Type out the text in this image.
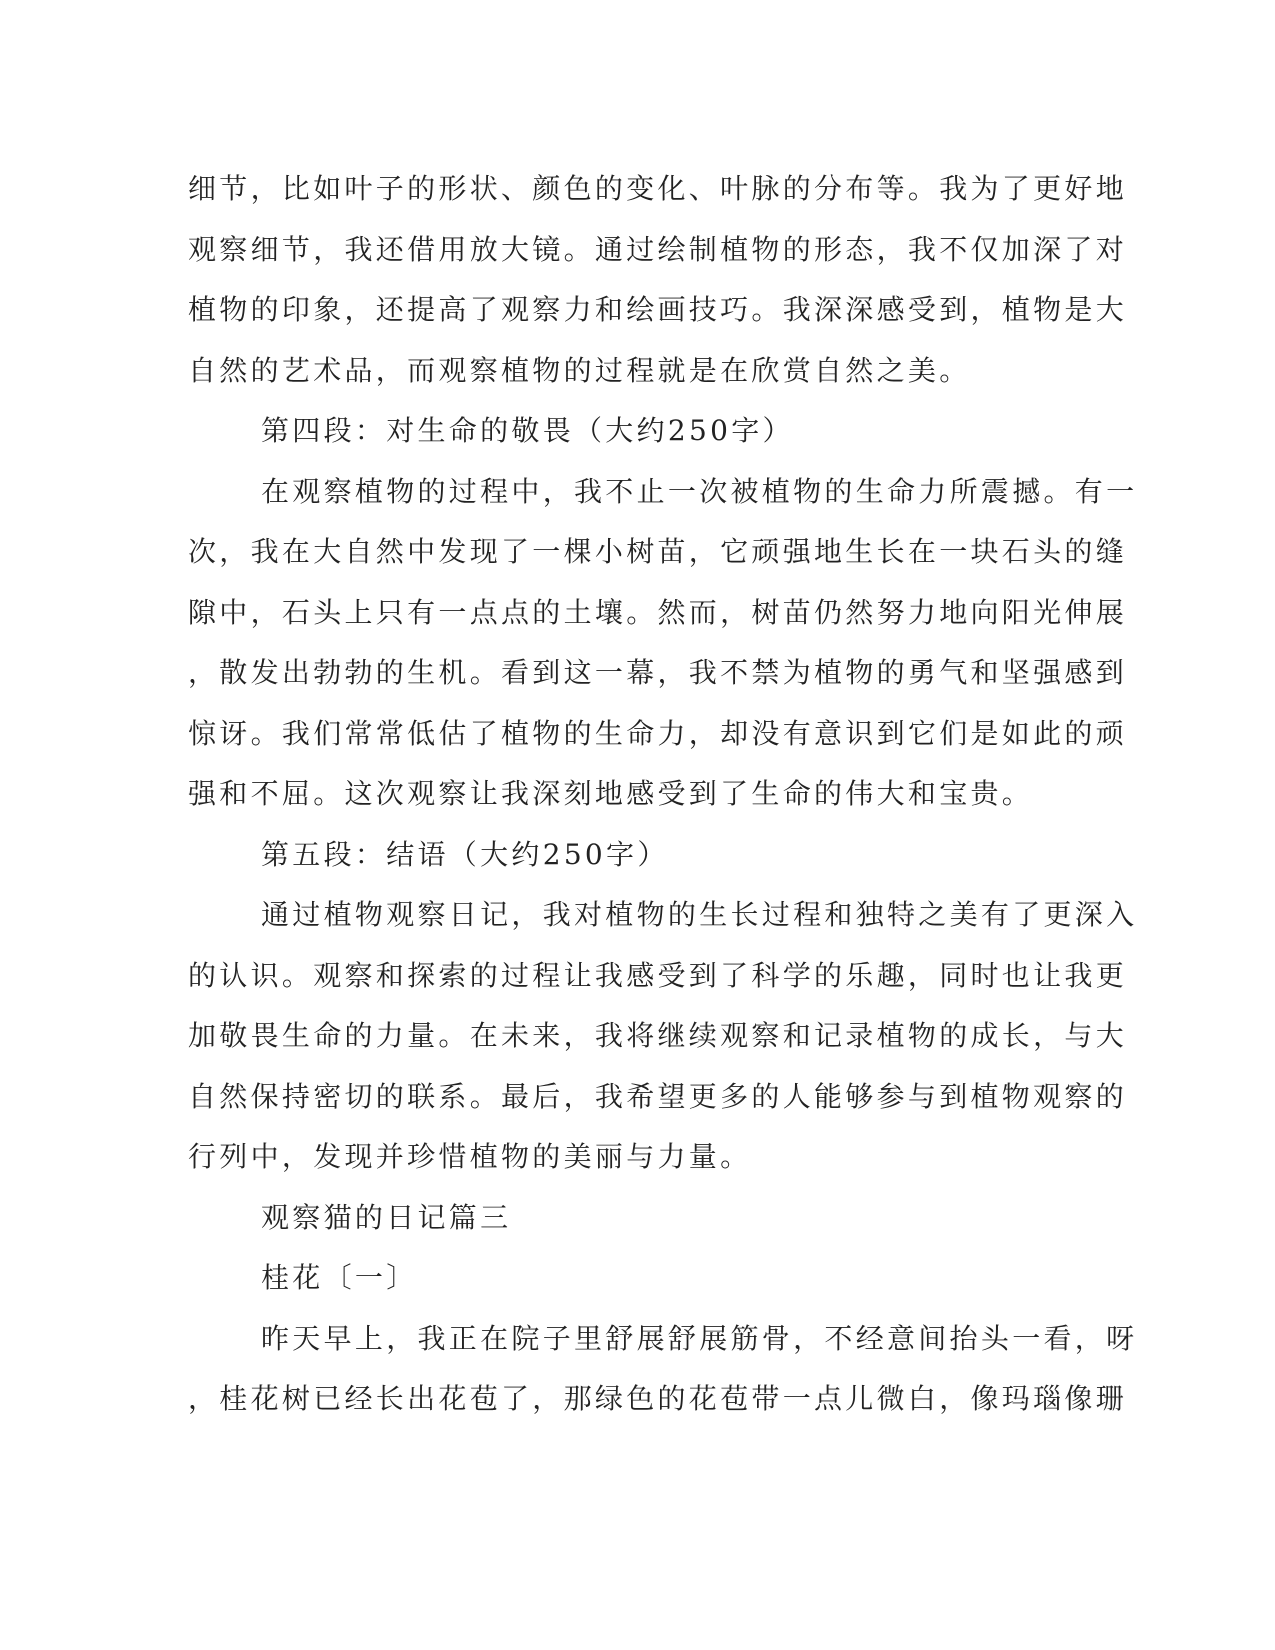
细节，比如叶子的形状、颜色的变化、叶脉的分布等。我为了更好地
观察细节，我还借用放大镜。通过绘制植物的形态，我不仅加深了对
植物的印象，还提高了观察力和绘画技巧。我深深感受到，植物是大
自然的艺术品，而观察植物的过程就是在欣赏自然之美。
第四段：对生命的敬畏（大约250字）
在观察植物的过程中，我不止一次被植物的生命力所震撼。有一
次，我在大自然中发现了一棵小树苗，它顽强地生长在一块石头的缝
隙中，石头上只有一点点的土壤。然而，树苗仍然努力地向阳光伸展
，散发出勃勃的生机。看到这一幕，我不禁为植物的勇气和坚强感到
惊讶。我们常常低估了植物的生命力，却没有意识到它们是如此的顽
强和不屈。这次观察让我深刻地感受到了生命的伟大和宝贵。
第五段：结语（大约250字）
通过植物观察日记，我对植物的生长过程和独特之美有了更深入
的认识。观察和探索的过程让我感受到了科学的乐趣，同时也让我更
加敬畏生命的力量。在未来，我将继续观察和记录植物的成长，与大
自然保持密切的联系。最后，我希望更多的人能够参与到植物观察的
行列中，发现并珍惜植物的美丽与力量。
观察猫的日记篇三
桂花〔一〕
昨天早上，我正在院子里舒展舒展筋骨，不经意间抬头一看，呀
，桂花树已经长出花苞了，那绿色的花苞带一点儿微白，像玛瑙像珊
